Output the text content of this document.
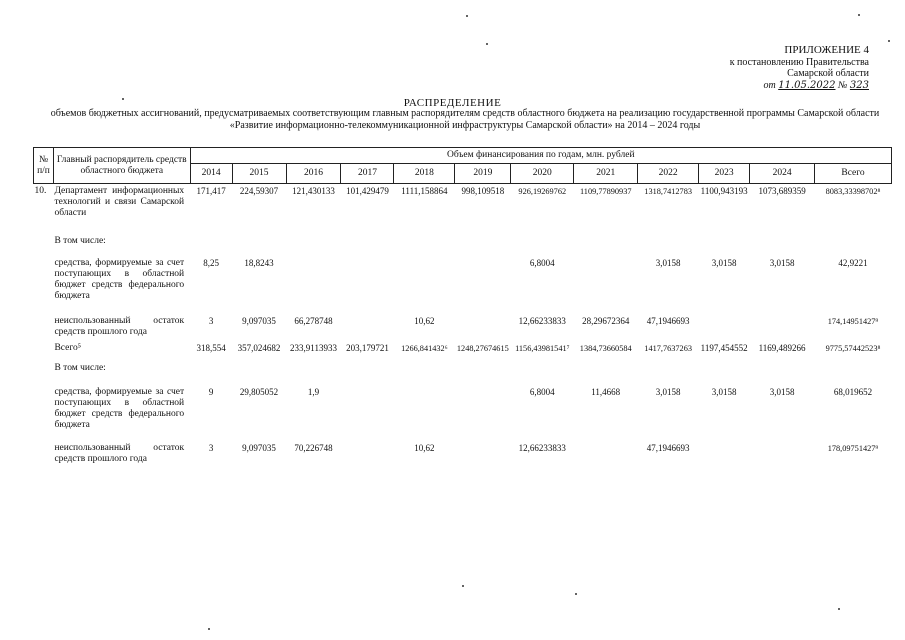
ПРИЛОЖЕНИЕ 4
к постановлению Правительства
Самарской области
от 11.05.2022 № 323
РАСПРЕДЕЛЕНИЕ
объемов бюджетных ассигнований, предусматриваемых соответствующим главным распорядителям средств областного бюджета на реализацию государственной программы Самарской области «Развитие информационно-телекоммуникационной инфраструктуры Самарской области» на 2014 – 2024 годы
№ п/п	Главный распорядитель средств областного бюджета	Объем финансирования по годам, млн. рублей											
		2014	2015	2016	2017	2018	2019	2020	2021	2022	2023	2024	Всего
10.	Департамент информационных технологий и связи Самарской области	171,417	224,59307	121,430133	101,429479	1111,158864	998,109518	926,19269762	1109,77890937	1318,7412783	1100,943193	1073,689359	8083,33398702⁸
	В том числе:												
	средства, формируемые за счет поступающих в областной бюджет средств федерального бюджета	8,25	18,8243					6,8004		3,0158	3,0158	3,0158	42,9221
	неиспользованный остаток средств прошлого года	3	9,097035	66,278748		10,62		12,66233833	28,29672364	47,1946693			174,14951427⁹
	Всего⁵	318,554	357,024682	233,9113933	203,179721	1266,841432⁶	1248,27674615	1156,43981541⁷	1384,73660584	1417,7637263	1197,454552	1169,489266	9775,57442523⁸
	В том числе:												
	средства, формируемые за счет поступающих в областной бюджет средств федерального бюджета	9	29,805052	1,9				6,8004	11,4668	3,0158	3,0158	3,0158	68,019652
	неиспользованный остаток средств прошлого года	3	9,097035	70,226748		10,62		12,66233833		47,1946693			178,09751427⁹
